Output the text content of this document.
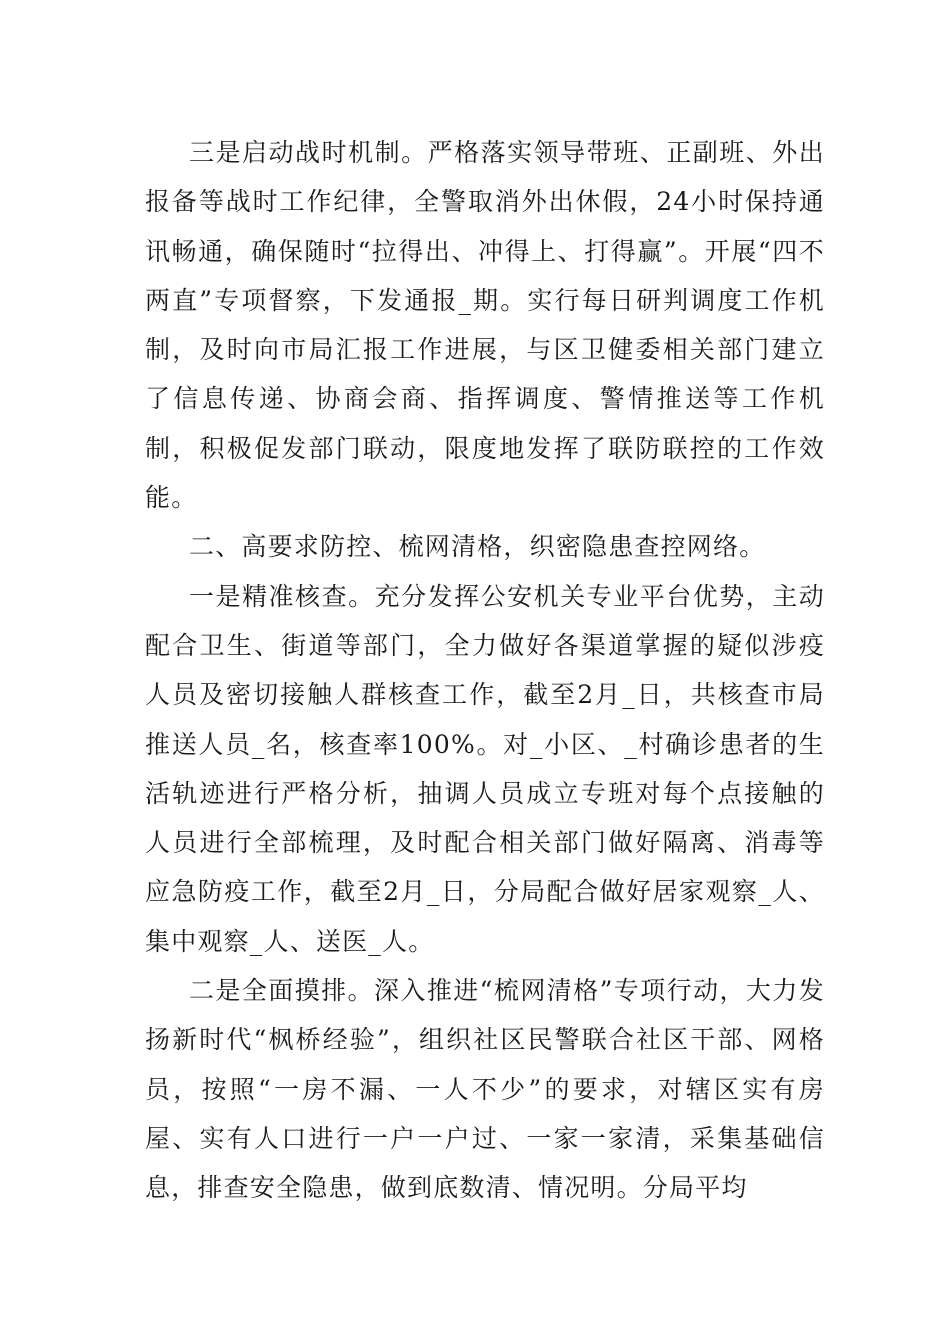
三是启动战时机制。严格落实领导带班、正副班、外出报备等战时工作纪律，全警取消外出休假，24小时保持通讯畅通，确保随时“拉得出、冲得上、打得赢”。开展“四不两直”专项督察，下发通报_期。实行每日研判调度工作机制，及时向市局汇报工作进展，与区卫健委相关部门建立了信息传递、协商会商、指挥调度、警情推送等工作机制，积极促发部门联动，限度地发挥了联防联控的工作效能。

二、高要求防控、梳网清格，织密隐患查控网络。

一是精准核查。充分发挥公安机关专业平台优势，主动配合卫生、街道等部门，全力做好各渠道掌握的疑似涉疫人员及密切接触人群核查工作，截至2月_日，共核查市局推送人员_名，核查率100%。对_小区、_村确诊患者的生活轨迹进行严格分析，抽调人员成立专班对每个点接触的人员进行全部梳理，及时配合相关部门做好隔离、消毒等应急防疫工作，截至2月_日，分局配合做好居家观察_人、集中观察_人、送医_人。

二是全面摸排。深入推进“梳网清格”专项行动，大力发扬新时代“枫桥经验”，组织社区民警联合社区干部、网格员，按照“一房不漏、一人不少”的要求，对辖区实有房屋、实有人口进行一户一户过、一家一家清，采集基础信息，排查安全隐患，做到底数清、情况明。分局平均
